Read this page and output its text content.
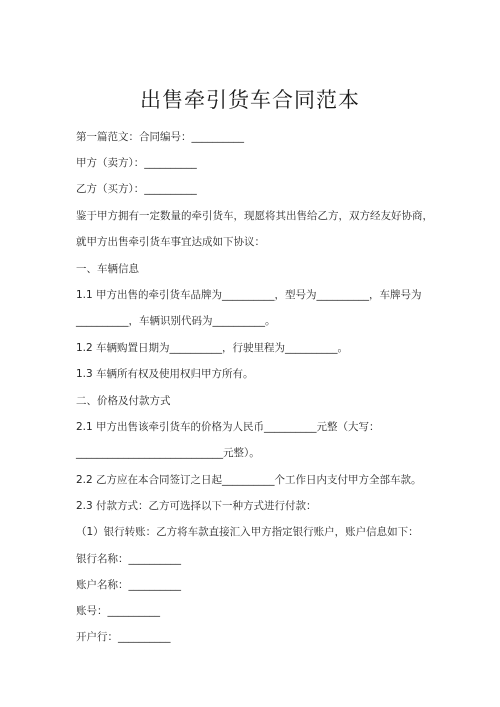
出售牵引货车合同范本
第一篇范文：合同编号：__________
甲方（卖方）：__________
乙方（买方）：__________
鉴于甲方拥有一定数量的牵引货车，现愿将其出售给乙方，双方经友好协商，
就甲方出售牵引货车事宜达成如下协议：
一、车辆信息
1.1 甲方出售的牵引货车品牌为__________，型号为__________，车牌号为
__________，车辆识别代码为__________。
1.2 车辆购置日期为__________，行驶里程为__________。
1.3 车辆所有权及使用权归甲方所有。
二、价格及付款方式
2.1 甲方出售该牵引货车的价格为人民币__________元整（大写：
____________________________元整）。
2.2 乙方应在本合同签订之日起__________个工作日内支付甲方全部车款。
2.3 付款方式：乙方可选择以下一种方式进行付款：
（1）银行转账：乙方将车款直接汇入甲方指定银行账户，账户信息如下：
银行名称：__________
账户名称：__________
账号：__________
开户行：__________
